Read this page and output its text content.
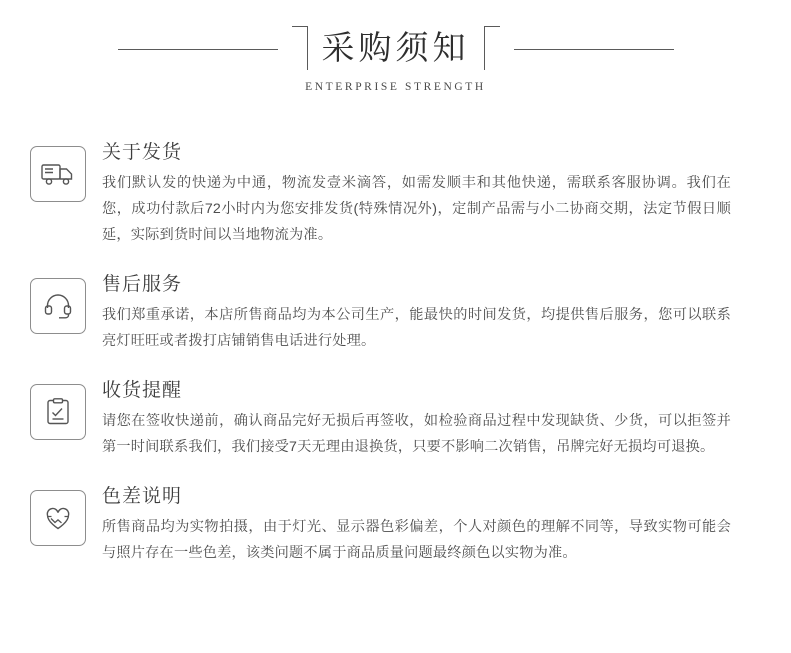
采购须知
ENTERPRISE STRENGTH
关于发货

我们默认发的快递为中通，物流发壹米滴答，如需发顺丰和其他快递，需联系客服协调。我们在您，成功付款后72小时内为您安排发货(特殊情况外)，定制产品需与小二协商交期，法定节假日顺延，实际到货时间以当地物流为准。

售后服务

我们郑重承诺，本店所售商品均为本公司生产，能最快的时间发货，均提供售后服务，您可以联系亮灯旺旺或者拨打店铺销售电话进行处理。

收货提醒

请您在签收快递前，确认商品完好无损后再签收，如检验商品过程中发现缺货、少货，可以拒签并第一时间联系我们，我们接受7天无理由退换货，只要不影响二次销售，吊牌完好无损均可退换。

色差说明

所售商品均为实物拍摄，由于灯光、显示器色彩偏差，个人对颜色的理解不同等，导致实物可能会与照片存在一些色差，该类问题不属于商品质量问题最终颜色以实物为准。
